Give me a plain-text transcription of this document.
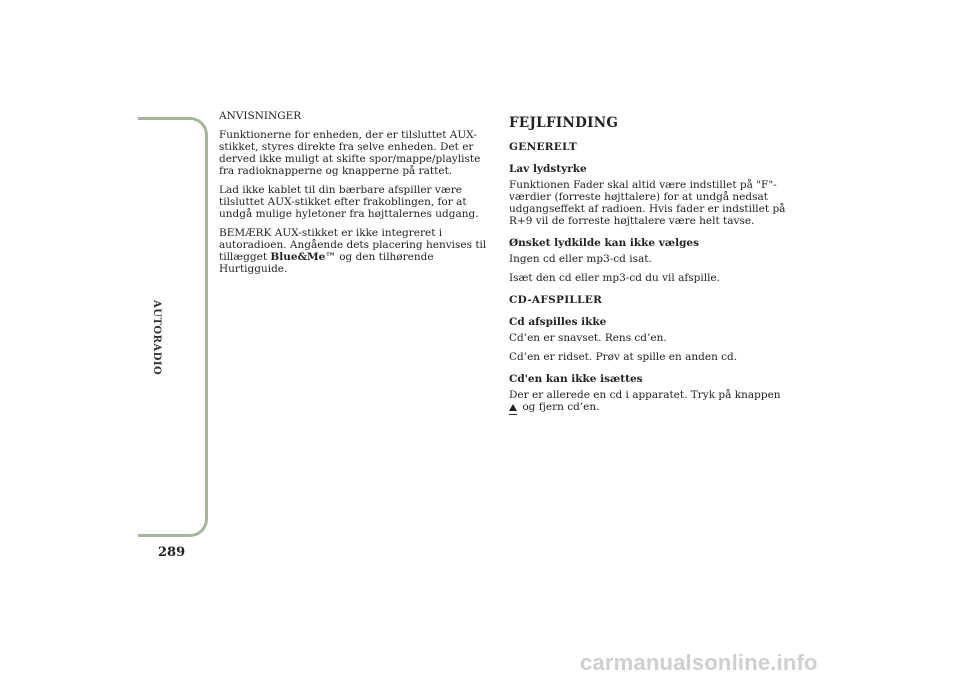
AUTORADIO
289

ANVISNINGER

Funktionerne for enheden, der er tilsluttet AUX-stikket, styres direkte fra selve enheden. Det er derved ikke muligt at skifte spor/mappe/playliste fra radioknapperne og knapperne på rattet.

Lad ikke kablet til din bærbare afspiller være tilsluttet AUX-stikket efter frakoblingen, for at undgå mulige hyletoner fra højttalernes udgang.

BEMÆRK AUX-stikket er ikke integreret i autoradioen. Angående dets placering henvises til tillægget Blue&Me™ og den tilhørende Hurtigguide.

FEJLFINDING
GENERELT
Lav lydstyrke

Funktionen Fader skal altid være indstillet på "F"-værdier (forreste højttalere) for at undgå nedsat udgangseffekt af radioen. Hvis fader er indstillet på R+9 vil de forreste højttalere være helt tavse.

Ønsket lydkilde kan ikke vælges

Ingen cd eller mp3-cd isat.

Isæt den cd eller mp3-cd du vil afspille.

CD-AFSPILLER
Cd afspilles ikke

Cd’en er snavset. Rens cd’en.

Cd’en er ridset. Prøv at spille en anden cd.

Cd'en kan ikke isættes

Der er allerede en cd i apparatet. Tryk på knappen
og fjern cd’en.

carmanualsonline.info
